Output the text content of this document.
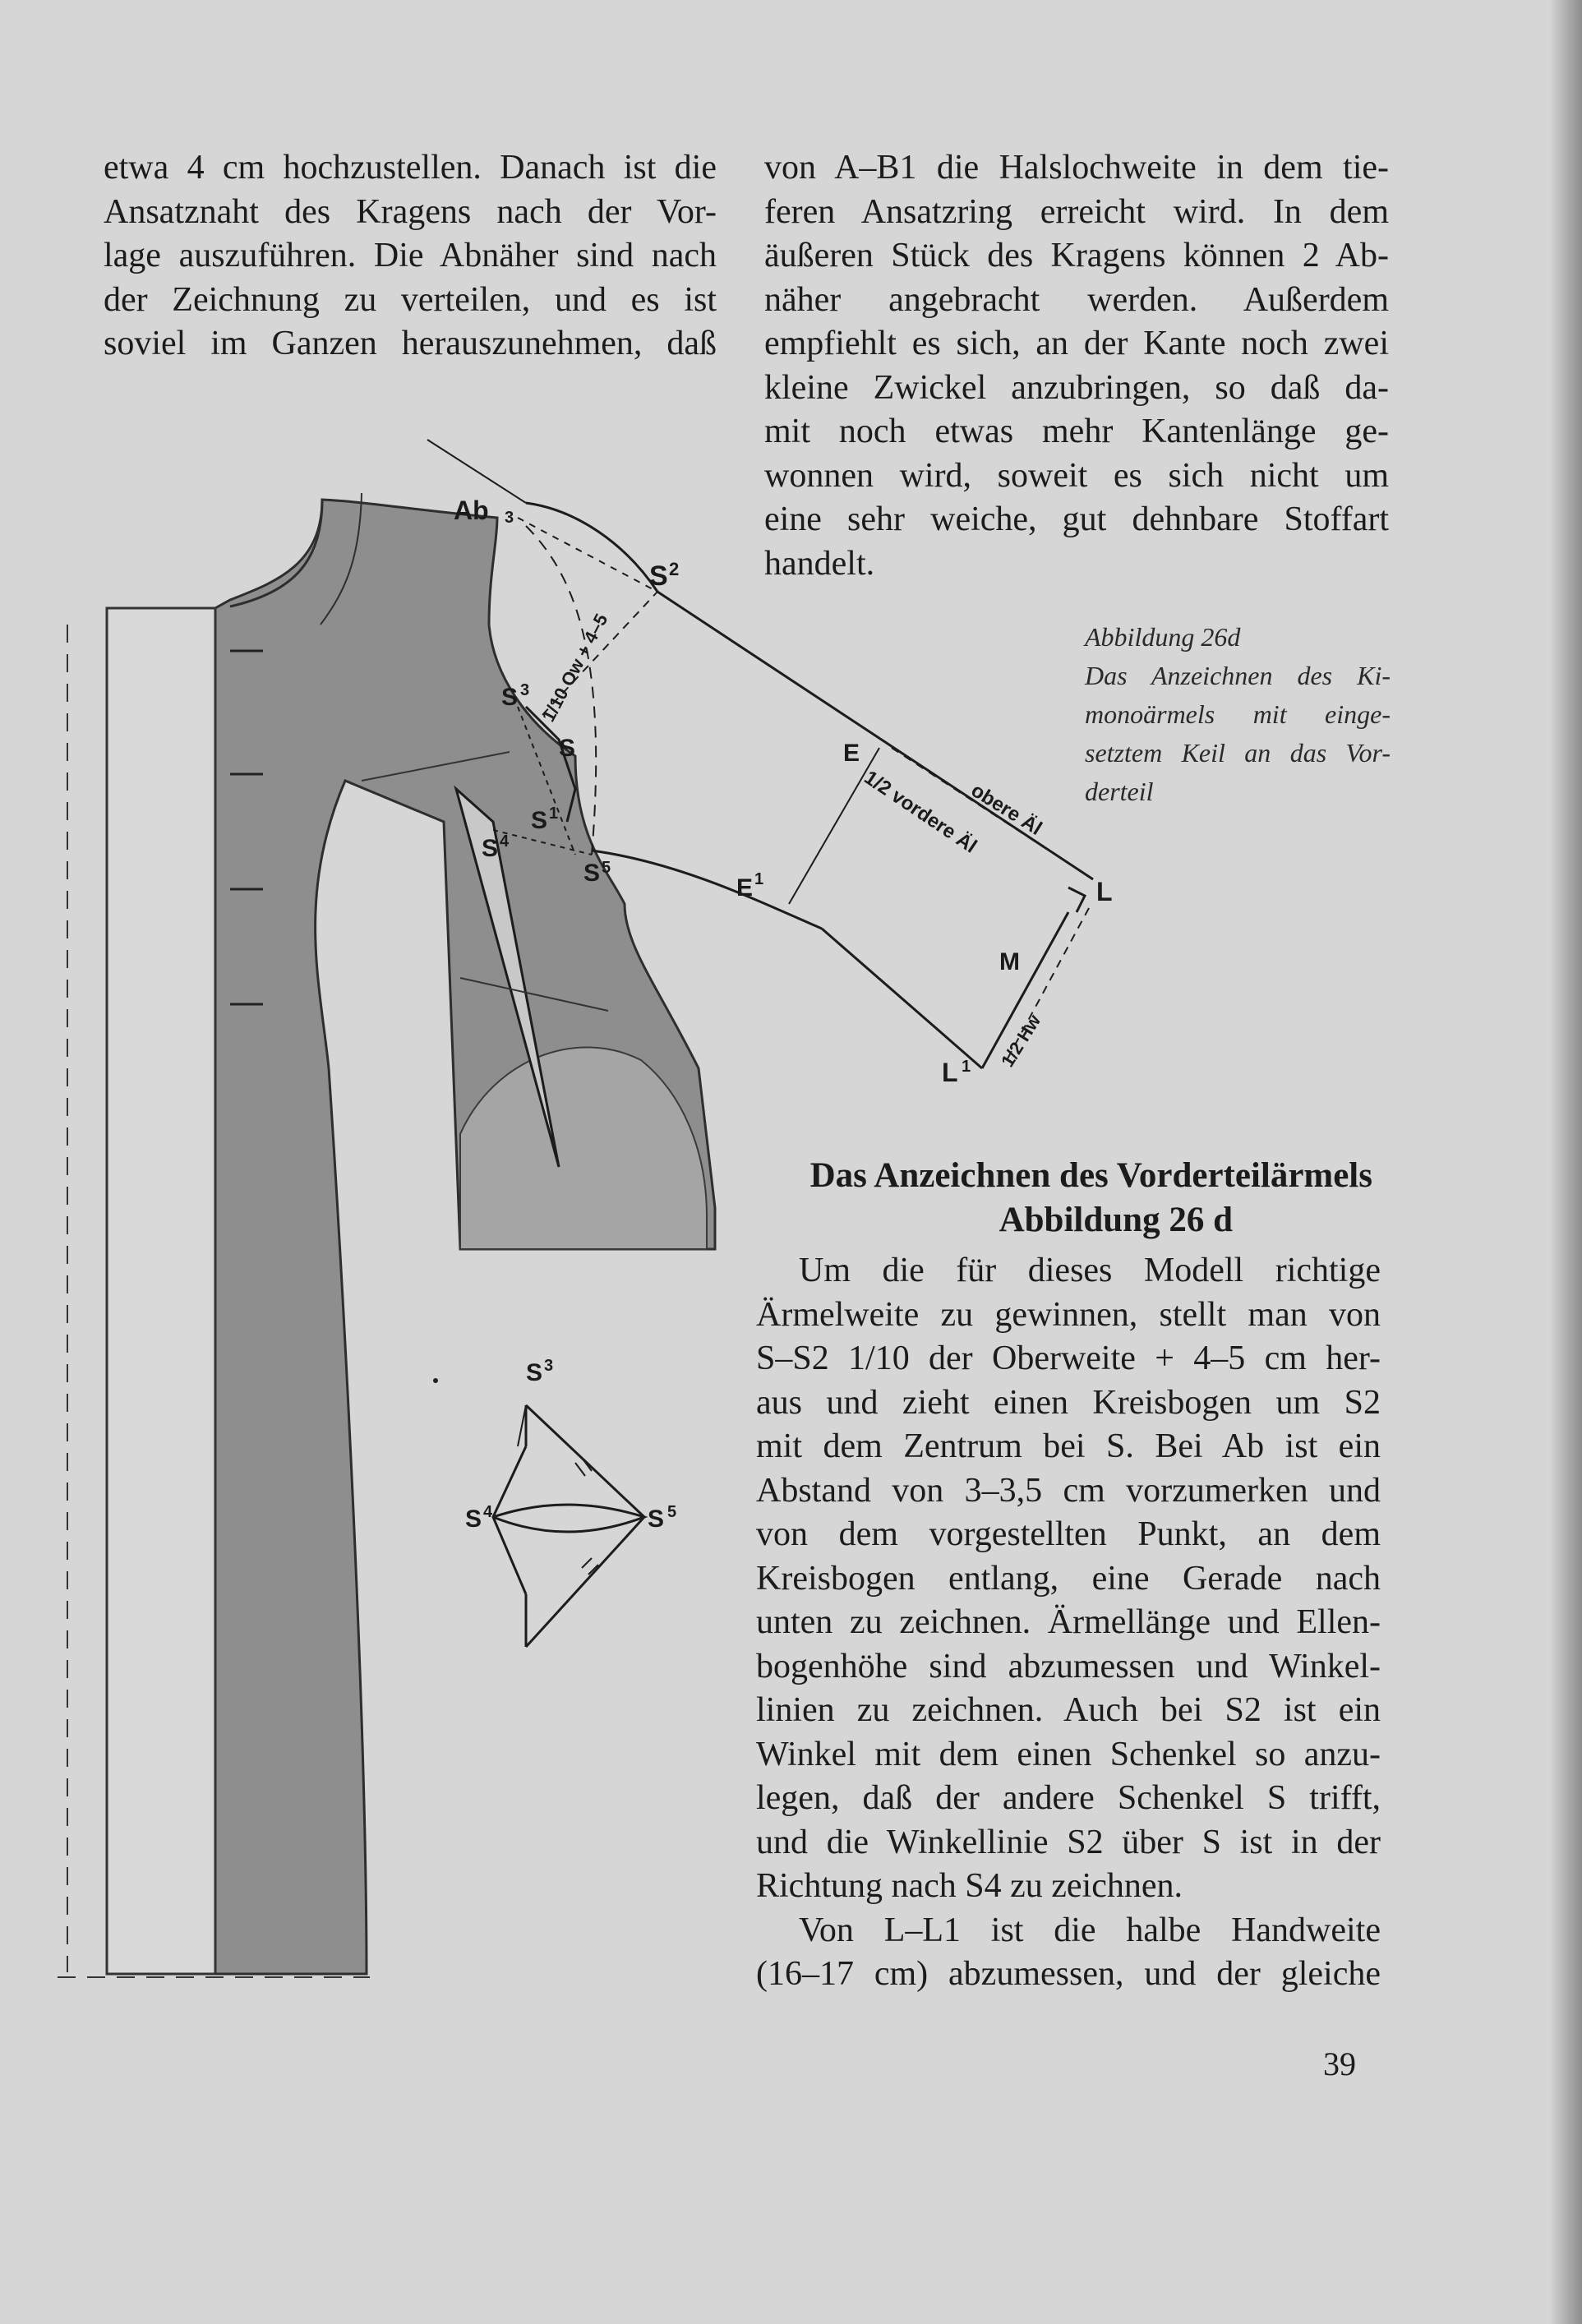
etwa 4 cm hochzustellen. Danach ist die
Ansatznaht des Kragens nach der Vor-
lage auszuführen. Die Abnäher sind nach
der Zeichnung zu verteilen, und es ist
soviel im Ganzen herauszunehmen, daß
von A–B1 die Halslochweite in dem tie-
feren Ansatzring erreicht wird. In dem
äußeren Stück des Kragens können 2 Ab-
näher angebracht werden. Außerdem
empfiehlt es sich, an der Kante noch zwei
kleine Zwickel anzubringen, so daß da-
mit noch etwas mehr Kantenlänge ge-
wonnen wird, soweit es sich nicht um
eine sehr weiche, gut dehnbare Stoffart
handelt.
Abbildung 26d
Das Anzeichnen des Ki-
monoärmels mit einge-
setztem Keil an das Vor-
derteil
Ab 3
S 2
S 3
S
S 1
S 4
S 5
E
E 1	L
L 1
M
1/10 Ow + 4–5
obere Äl
1/2 vordere Äl
1/2 Hw
S 3
S 4	S 5
Das Anzeichnen des Vorderteilärmels
Abbildung 26 d
Um die für dieses Modell richtige
Ärmelweite zu gewinnen, stellt man von
S–S2 1/10 der Oberweite + 4–5 cm her-
aus und zieht einen Kreisbogen um S2
mit dem Zentrum bei S. Bei Ab ist ein
Abstand von 3–3,5 cm vorzumerken und
von dem vorgestellten Punkt, an dem
Kreisbogen entlang, eine Gerade nach
unten zu zeichnen. Ärmellänge und Ellen-
bogenhöhe sind abzumessen und Winkel-
linien zu zeichnen. Auch bei S2 ist ein
Winkel mit dem einen Schenkel so anzu-
legen, daß der andere Schenkel S trifft,
und die Winkellinie S2 über S ist in der
Richtung nach S4 zu zeichnen.
Von L–L1 ist die halbe Handweite
(16–17 cm) abzumessen, und der gleiche
39
